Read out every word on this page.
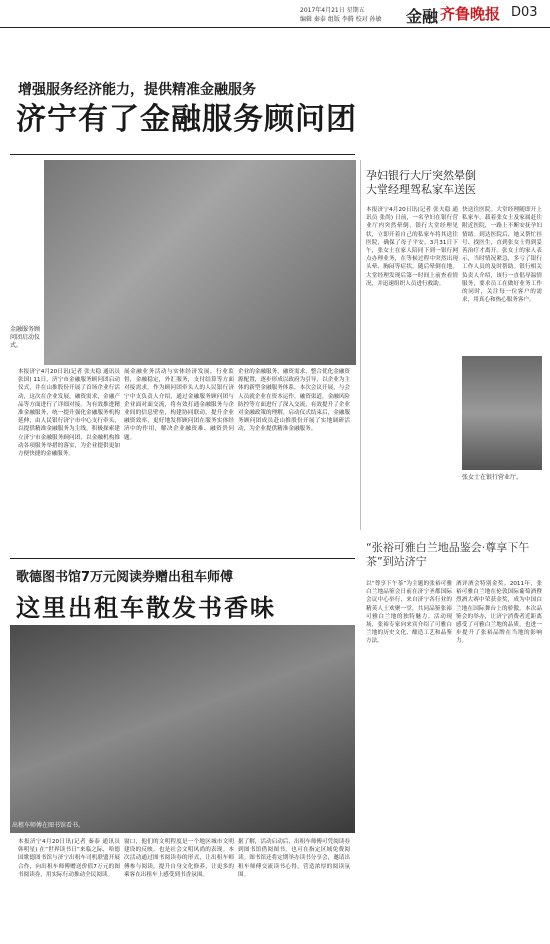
2017年4月21日 星期五
编辑 秦泰 组版 李腾 校对 孙敏	金融 齐鲁晚报 D03
增强服务经济能力，提供精准金融服务
济宁有了金融服务顾问团
金融服务顾问团启动仪式。
本报济宁4月20日讯(记者 张夫稳 通讯员 张国) 11日，济宁市金融服务顾问团启动仪式，并在山推股份开展了首场企业行活动，这次在企业发展，融资需求，金融产品等方面进行了详细对接。为有效推进精准金融服务，统一提升强化金融服务机构延伸，由人民银行济宁市中心支行牵头，以提供精准金融服务为主线，积极探索建立济宁市金融服务顾问团，以金融机构推动各项服务举措的落实，为企业提供更加方便快捷的金融服务。
展金融业务活动与实体经济发展，行业监督，金融稳定，外汇服务，支付结算等方面对接需求。作为顾问团牵头人的人民银行济宁中支负责人介绍，通过金融服务顾问团与企业面对面交流，将有效打通金融服务与企业间的信息壁垒，构建协同联动，提升企业融资效率，更好地发挥顾问团在服务实体经济中的作用，解决企业融资难、融资贵问题。
企业的金融服务，融资需求，整合优化金融资源配置，逐步形成以政府为引导，以企业为主体的新型金融服务体系。本次会议开展，与会人员就企业在资本运作，融资渠道，金融风险防控等方面进行了深入交流，有效提升了企业对金融政策的理解。启动仪式结束后，金融服务顾问团成员赴山推股份开展了实地调研活动，为企业提供精准金融服务。
孕妇银行大厅突然晕倒
大堂经理驾私家车送医
本报济宁4月20日讯(记者 张夫稳 通讯员 张尚) 日前，一名孕妇在银行营业厅内突然晕倒，银行大堂经理见状，立即开着自己的私家车将其送往医院，确保了母子平安。3月31日下午，张女士在家人陪同下到一银行网点办理业务，在等候过程中突然出现头晕、胸闷等症状，随后晕倒在地。大堂经理发现后第一时间上前查看情况，并迅速组织人员进行救助。
快送往医院。大堂经理随即开上私家车，载着张女士及家属赶往附近医院，一路上不断安抚孕妇情绪。到达医院后，她又帮忙挂号、找医生，直到张女士得到妥善治疗才离开。张女士的家人表示，当时情况紧急，多亏了银行工作人员的及时帮助。银行相关负责人介绍，该行一直倡导温情服务，要求员工在做好业务工作的同时，关注每一位客户的需求，用真心和热心服务客户。
张女士在银行营业厅。
歌德图书馆7万元阅读券赠出租车师傅
这里出租车散发书香味
出租车师傅在图书馆看书。
本报济宁4月20日讯(记者 秦泰 通讯员 韩明星) 在“世界读书日”来临之际，哈德国歌德图书馆与济宁出租车司机联盟开展合作，向出租车师傅赠送价值7万元的图书阅读券，用实际行动推动全民阅读。
窗口，他们的文明程度是一个地区城市文明建设的反映。也是社会文明风尚的表现。本次活动通过图书阅读券的形式，让出租车师傅参与阅读，提升自身文化修养，让更多的乘客在出租车上感受到书香氛围。
据了解，活动启动后，出租车师傅可凭阅读券到图书馆借阅图书，也可在指定区域免费阅读。图书馆还将定期举办读书分享会，邀请出租车师傅交流读书心得，营造浓厚的阅读氛围。
“张裕可雅白兰地品鉴会·尊享下午茶”到站济宁
以“尊享下午茶”为主题的张裕可雅白兰地品鉴会日前在济宁圣都国际会议中心举行，来自济宁各行业的精英人士欢聚一堂，共同品鉴张裕可雅白兰地的独特魅力。活动现场，张裕专家向来宾介绍了可雅白兰地的历史文化、酿造工艺和品鉴方法。
酒评酒会特别金奖。2011年，张裕可雅白兰地在伦敦国际葡萄酒暨烈酒大赛中荣获金奖，成为中国白兰地在国际舞台上的骄傲。本次品鉴会的举办，让济宁消费者近距离感受了可雅白兰地的品质，也进一步提升了张裕品牌在当地的影响力。
